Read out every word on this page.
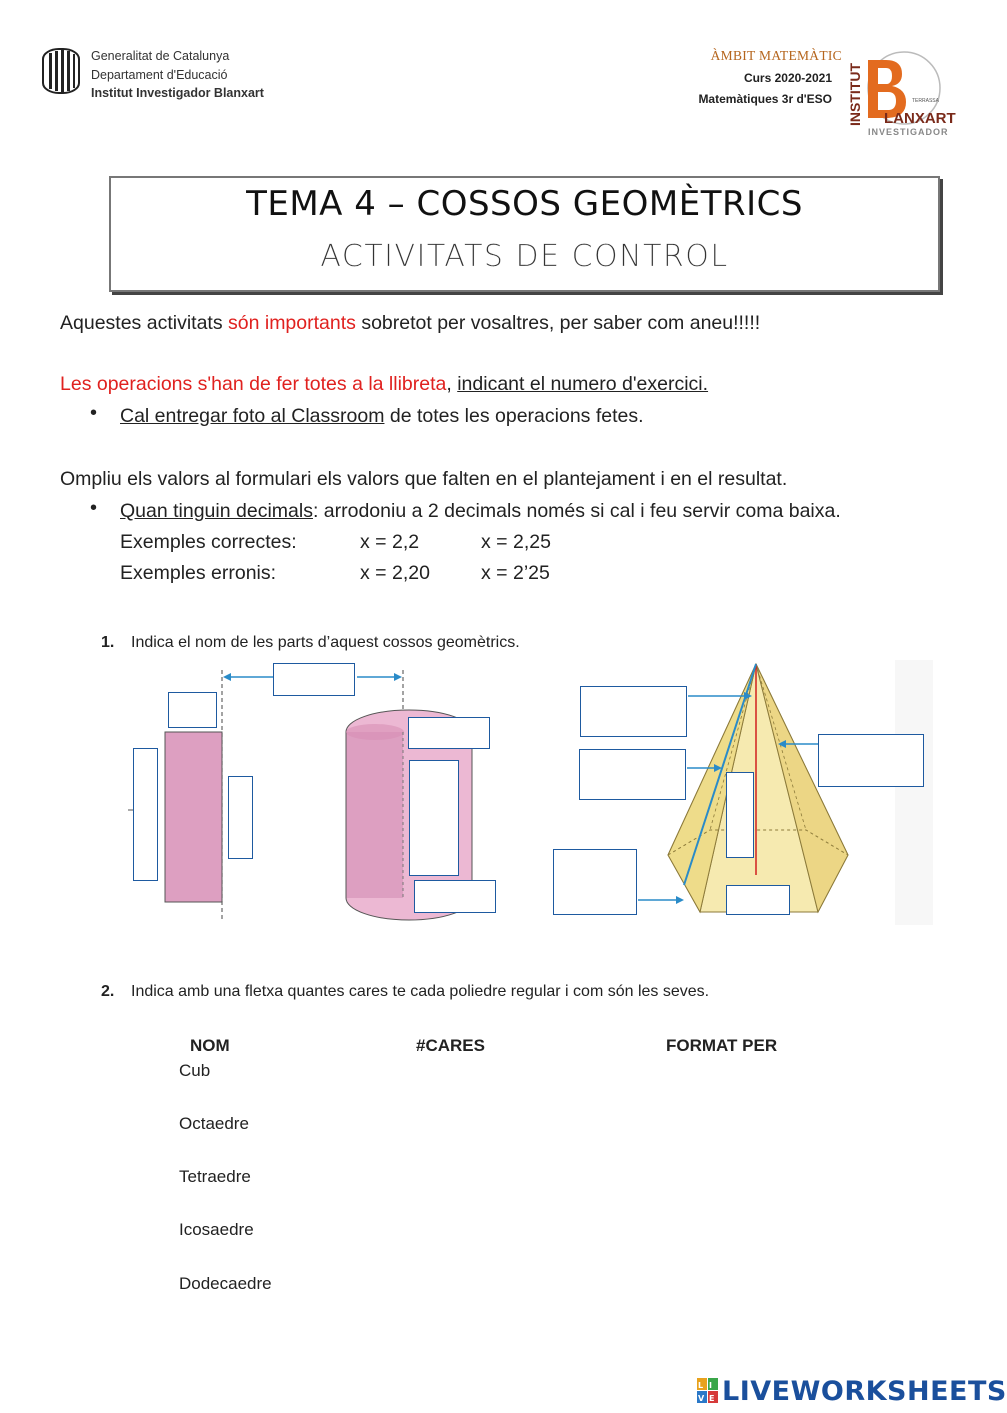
Generalitat de Catalunya
Departament d'Educació
Institut Investigador Blanxart
ÀMBIT MATEMÀTIC
Curs 2020-2021
Matemàtiques 3r d'ESO INSTITUT LANXART
INVESTIGADOR
TERRASSA
TEMA 4 – COSSOS GEOMÈTRICS
ACTIVITATS DE CONTROL
Aquestes activitats són importants sobretot per vosaltres, per saber com aneu!!!!!
Les operacions s'han de fer totes a la llibreta, indicant el numero d'exercici.
• Cal entregar foto al Classroom de totes les operacions fetes.
Ompliu els valors al formulari els valors que falten en el plantejament i en el resultat.
• Quan tinguin decimals: arrodoniu a 2 decimals només si cal i feu servir coma baixa.
Exemples correctes:	x = 2,2	x = 2,25
Exemples erronis:	x = 2,20	x = 2’25
1. Indica el nom de les parts d’aquest cossos geomètrics.
2. Indica amb una fletxa quantes cares te cada poliedre regular i com són les seves.
NOM	#CARES	FORMAT PER
Cub
Octaedre
Tetraedre
Icosaedre
Dodecaedre
L I
V E LIVEWORKSHEETS
